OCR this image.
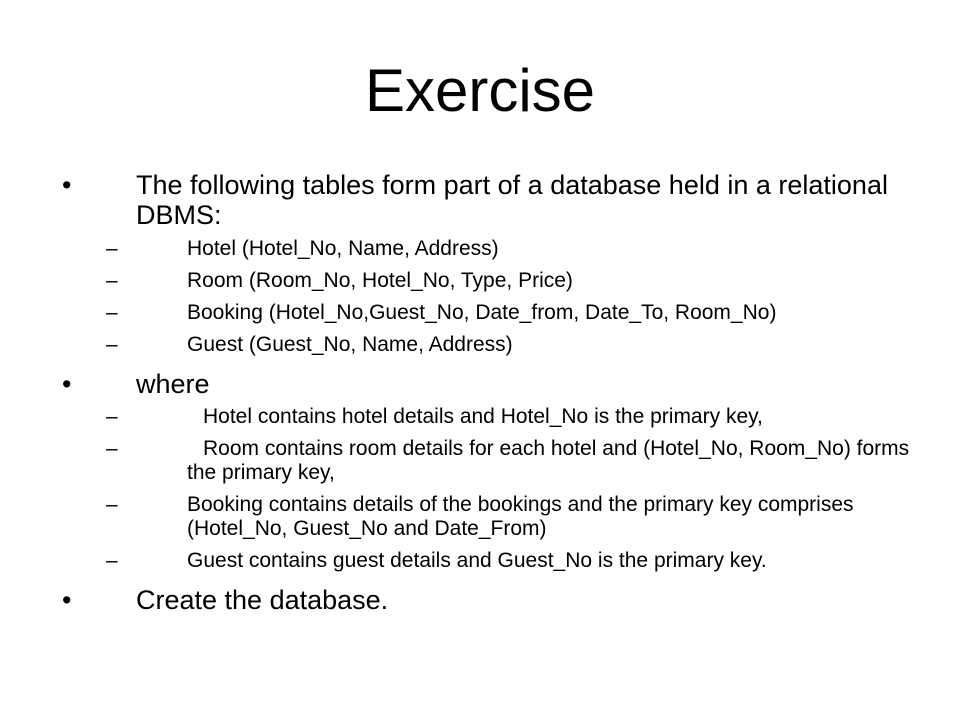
Exercise
• The following tables form part of a database held in a relational DBMS:
–	Hotel (Hotel_No, Name, Address)
–	Room (Room_No, Hotel_No, Type, Price)
–	Booking (Hotel_No,Guest_No, Date_from, Date_To, Room_No)
–	Guest (Guest_No, Name, Address)
• where
–	Hotel contains hotel details and Hotel_No is the primary key,
–	Room contains room details for each hotel and (Hotel_No, Room_No) forms the primary key,
–	Booking contains details of the bookings and the primary key comprises (Hotel_No, Guest_No and Date_From)
–	Guest contains guest details and Guest_No is the primary key.
• Create the database.
